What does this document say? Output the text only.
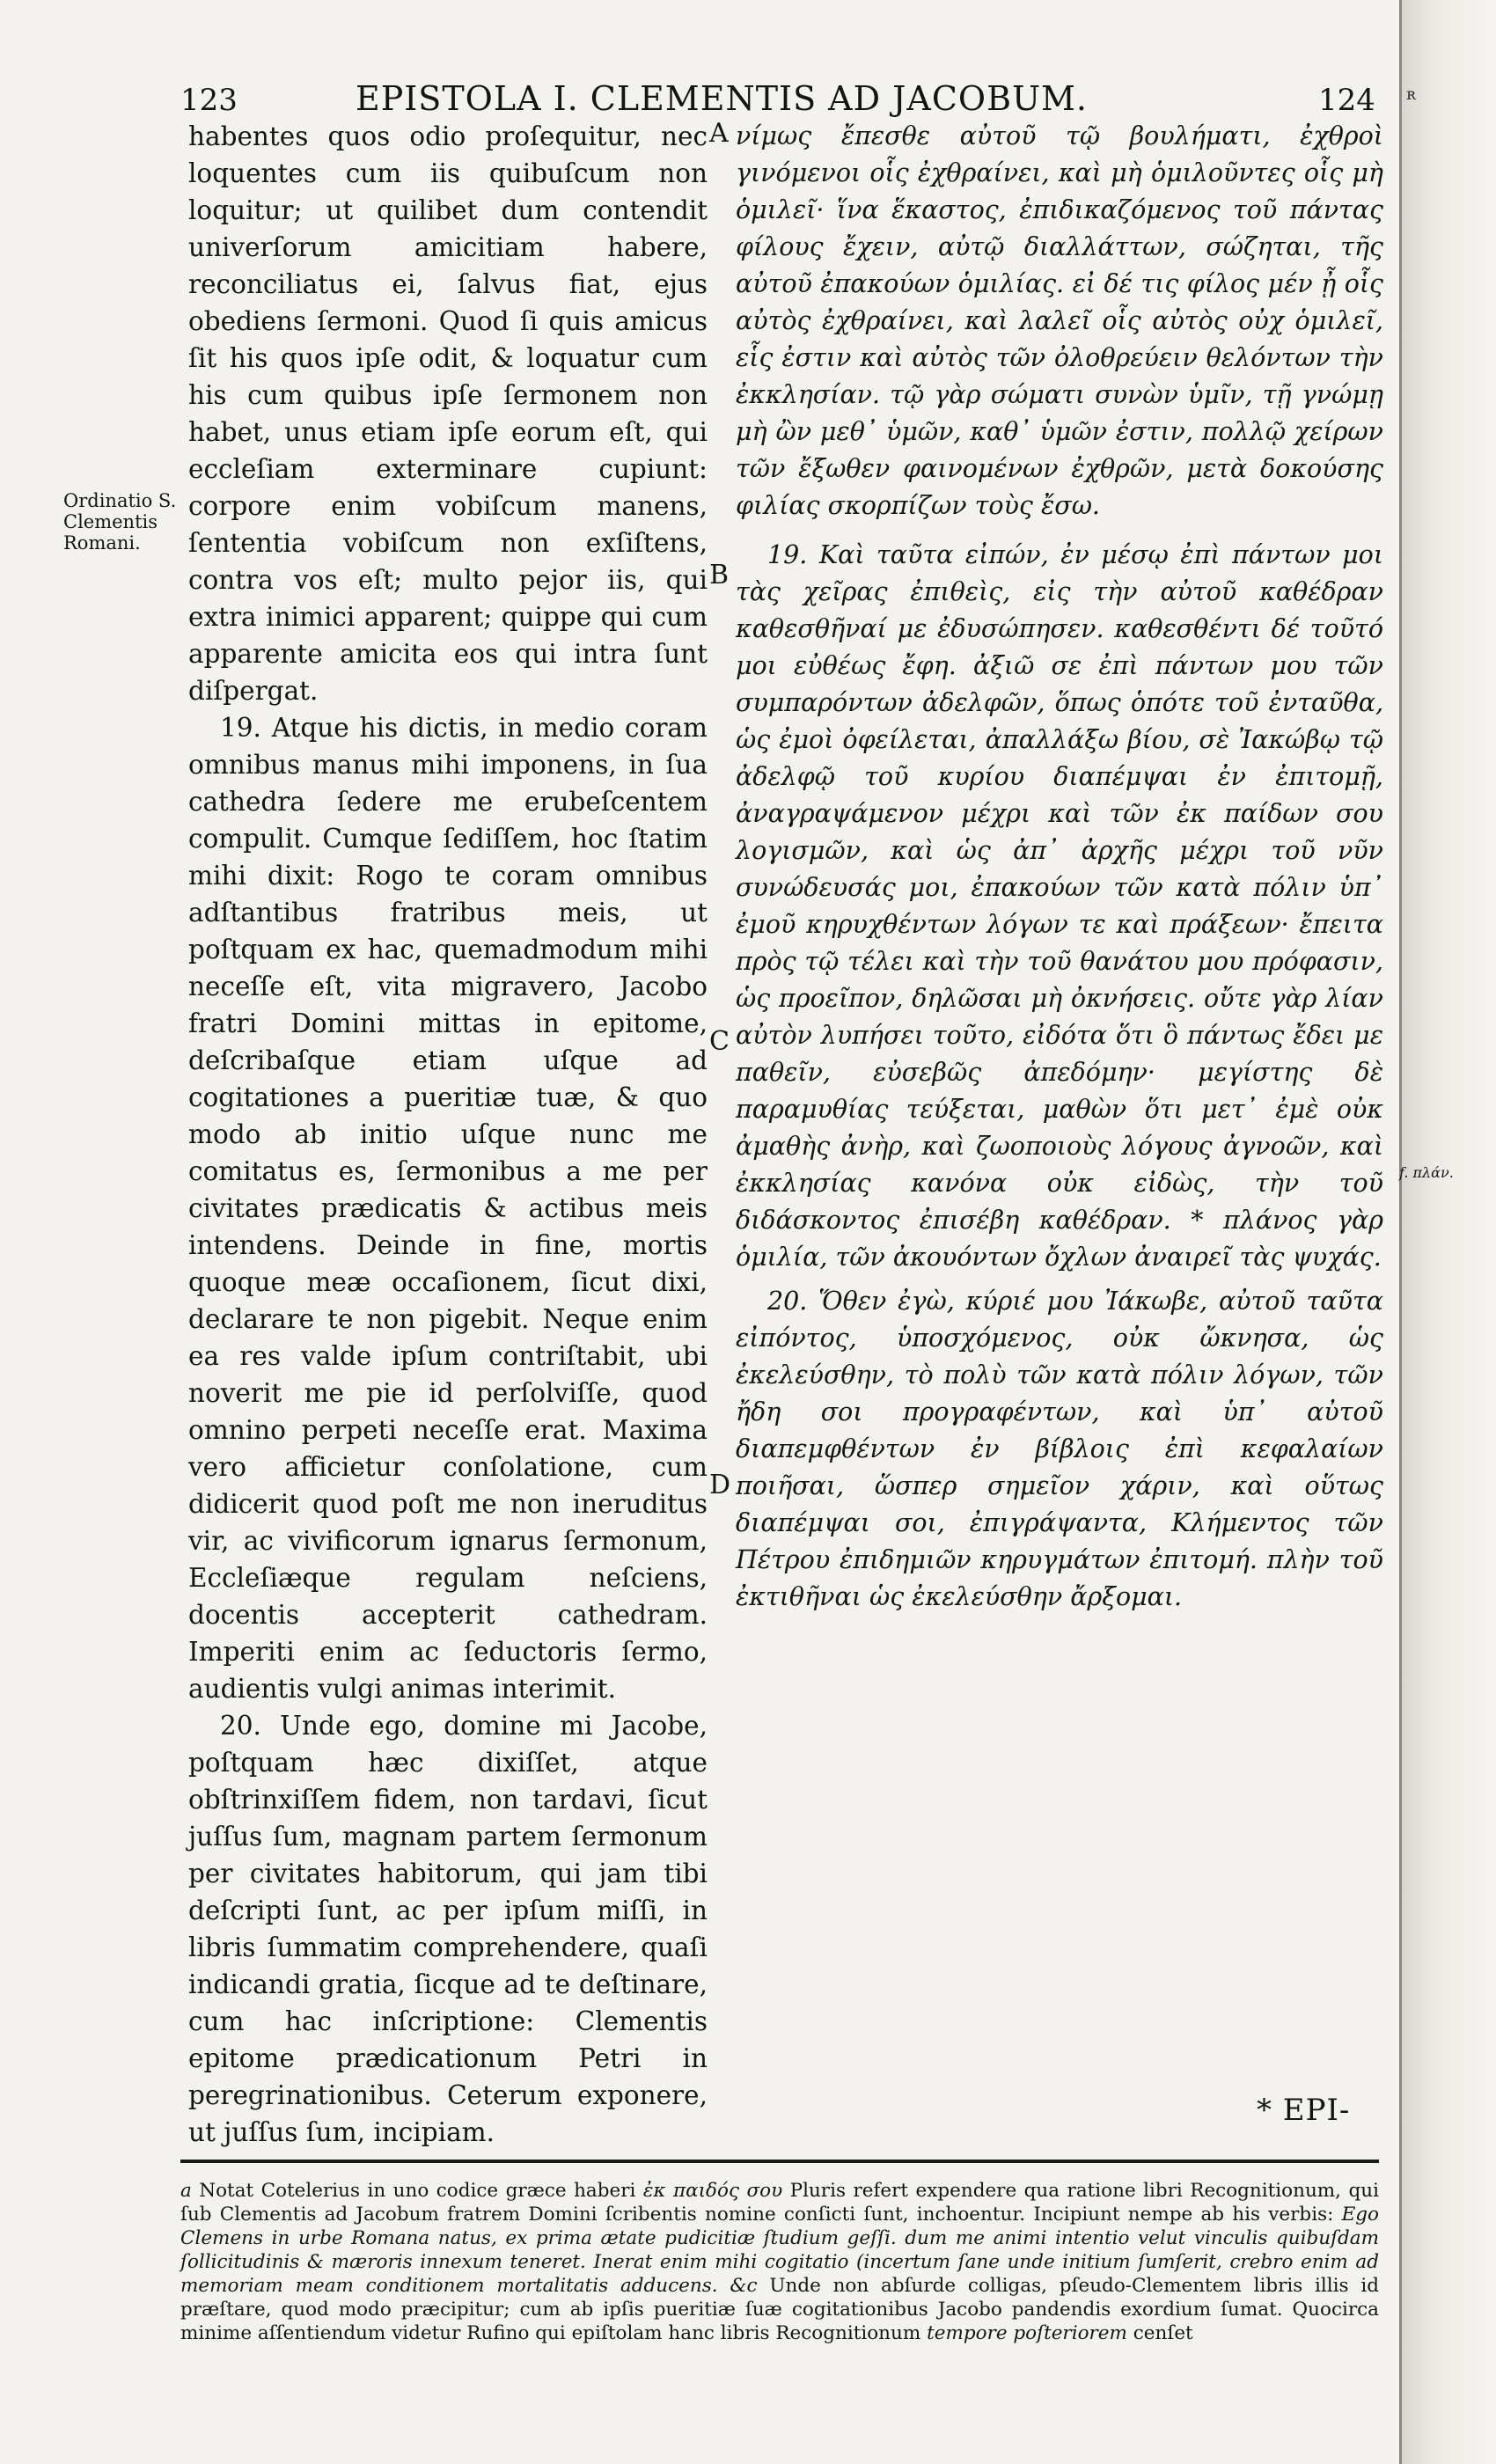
123	EPISTOLA I. CLEMENTIS AD JACOBUM.	124
Ordinatio S.
Clementis
Romani.
A
B
C
D

habentes quos odio proſequitur, nec loquentes cum iis quibuſcum non loquitur; ut quilibet dum contendit univerſorum amicitiam habere, reconciliatus ei, ſalvus fiat, ejus obediens ſermoni. Quod ſi quis amicus ſit his quos ipſe odit, & loquatur cum his cum quibus ipſe ſermonem non habet, unus etiam ipſe eorum eſt, qui eccleſiam exterminare cupiunt: corpore enim vobiſcum manens, ſententia vobiſcum non exſiſtens, contra vos eſt; multo pejor iis, qui extra inimici apparent; quippe qui cum apparente amicita eos qui intra ſunt diſpergat.

19. Atque his dictis, in medio coram omnibus manus mihi imponens, in ſua cathedra ſedere me erubeſcentem compulit. Cumque ſediſſem, hoc ſtatim mihi dixit: Rogo te coram omnibus adſtantibus fratribus meis, ut poſtquam ex hac, quemadmodum mihi neceſſe eſt, vita migravero, Jacobo fratri Domini mittas in epitome, deſcribaſque etiam uſque ad cogitationes a pueritiæ tuæ, & quo modo ab initio uſque nunc me comitatus es, ſermonibus a me per civitates prædicatis & actibus meis intendens. Deinde in fine, mortis quoque meæ occaſionem, ſicut dixi, declarare te non pigebit. Neque enim ea res valde ipſum contriſtabit, ubi noverit me pie id perſolviſſe, quod omnino perpeti neceſſe erat. Maxima vero afficietur conſolatione, cum didicerit quod poſt me non ineruditus vir, ac vivificorum ignarus ſermonum, Eccleſiæque regulam neſciens, docentis accepterit cathedram. Imperiti enim ac ſeductoris ſermo, audientis vulgi animas interimit.

20. Unde ego, domine mi Jacobe, poſtquam hæc dixiſſet, atque obſtrinxiſſem fidem, non tardavi, ſicut juſſus ſum, magnam partem ſermonum per civitates habitorum, qui jam tibi deſcripti ſunt, ac per ipſum miſſi, in libris ſummatim comprehendere, quaſi indicandi gratia, ſicque ad te deſtinare, cum hac inſcriptione: Clementis epitome prædicationum Petri in peregrinationibus. Ceterum exponere, ut juſſus ſum, incipiam.

νίμως ἔπεσθε αὐτοῦ τῷ βουλήματι, ἐχθροὶ γινόμενοι οἷς ἐχθραίνει, καὶ μὴ ὁμιλοῦντες οἷς μὴ ὁμιλεῖ· ἵνα ἕκαστος, ἐπιδικαζόμενος τοῦ πάντας φίλους ἔχειν, αὐτῷ διαλλάττων, σώζηται, τῆς αὐτοῦ ἐπακούων ὁμιλίας. εἰ δέ τις φίλος μέν ᾖ οἷς αὐτὸς ἐχθραίνει, καὶ λαλεῖ οἷς αὐτὸς οὐχ ὁμιλεῖ, εἷς ἐστιν καὶ αὐτὸς τῶν ὀλοθρεύειν θελόντων τὴν ἐκκλησίαν. τῷ γὰρ σώματι συνὼν ὑμῖν, τῇ γνώμῃ μὴ ὢν μεθ᾽ ὑμῶν, καθ᾽ ὑμῶν ἐστιν, πολλῷ χείρων τῶν ἔξωθεν φαινομένων ἐχθρῶν, μετὰ δοκούσης φιλίας σκορπίζων τοὺς ἔσω.

19. Καὶ ταῦτα εἰπών, ἐν μέσῳ ἐπὶ πάντων μοι τὰς χεῖρας ἐπιθεὶς, εἰς τὴν αὐτοῦ καθέδραν καθεσθῆναί με ἐδυσώπησεν. καθεσθέντι δέ τοῦτό μοι εὐθέως ἔφη. ἀξιῶ σε ἐπὶ πάντων μου τῶν συμπαρόντων ἀδελφῶν, ὅπως ὁπότε τοῦ ἐνταῦθα, ὡς ἐμοὶ ὀφείλεται, ἀπαλλάξω βίου, σὲ Ἰακώβῳ τῷ ἀδελφῷ τοῦ κυρίου διαπέμψαι ἐν ἐπιτομῇ, ἀναγραψάμενον μέχρι καὶ τῶν ἐκ παίδων σου λογισμῶν, καὶ ὡς ἀπ᾽ ἀρχῆς μέχρι τοῦ νῦν συνώδευσάς μοι, ἐπακούων τῶν κατὰ πόλιν ὑπ᾽ ἐμοῦ κηρυχθέντων λόγων τε καὶ πράξεων· ἔπειτα πρὸς τῷ τέλει καὶ τὴν τοῦ θανάτου μου πρόφασιν, ὡς προεῖπον, δηλῶσαι μὴ ὀκνήσεις. οὔτε γὰρ λίαν αὐτὸν λυπήσει τοῦτο, εἰδότα ὅτι ὃ πάντως ἔδει με παθεῖν, εὐσεβῶς ἀπεδόμην· μεγίστης δὲ παραμυθίας τεύξεται, μαθὼν ὅτι μετ᾽ ἐμὲ οὐκ ἀμαθὴς ἀνὴρ, καὶ ζωοποιοὺς λόγους ἀγνοῶν, καὶ ἐκκλησίας κανόνα οὐκ εἰδὼς, τὴν τοῦ διδάσκοντος ἐπισέβη καθέδραν. * πλάνος γὰρ ὁμιλία, τῶν ἀκουόντων ὄχλων ἀναιρεῖ τὰς ψυχάς.

20. Ὅθεν ἐγὼ, κύριέ μου Ἰάκωβε, αὐτοῦ ταῦτα εἰπόντος, ὑποσχόμενος, οὐκ ὤκνησα, ὡς ἐκελεύσθην, τὸ πολὺ τῶν κατὰ πόλιν λόγων, τῶν ἤδη σοι προγραφέντων, καὶ ὑπ᾽ αὐτοῦ διαπεμφθέντων ἐν βίβλοις ἐπὶ κεφαλαίων ποιῆσαι, ὥσπερ σημεῖον χάριν, καὶ οὕτως διαπέμψαι σοι, ἐπιγράψαντα, Κλήμεντος τῶν Πέτρου ἐπιδημιῶν κηρυγμάτων ἐπιτομή. πλὴν τοῦ ἐκτιθῆναι ὡς ἐκελεύσθην ἄρξομαι.

f. πλάν.
ʀ
* EPI-

a Notat Cotelerius in uno codice græce haberi ἐκ παιδός σου Pluris refert expendere qua ratione libri Recognitionum, qui ſub Clementis ad Jacobum fratrem Domini ſcribentis nomine conſicti ſunt, inchoentur. Incipiunt nempe ab his verbis: Ego Clemens in urbe Romana natus, ex prima ætate pudicitiæ ſtudium geſſi. dum me animi intentio velut vinculis quibuſdam ſollicitudinis & mæroris innexum teneret. Inerat enim mihi cogitatio (incertum ſane unde initium ſumſerit, crebro enim ad memoriam meam conditionem mortalitatis adducens. &c Unde non abſurde colligas, pſeudo-Clementem libris illis id præſtare, quod modo præcipitur; cum ab ipſis pueritiæ ſuæ cogitationibus Jacobo pandendis exordium ſumat. Quocirca minime aſſentiendum videtur Rufino qui epiſtolam hanc libris Recognitionum tempore poſteriorem cenſet
